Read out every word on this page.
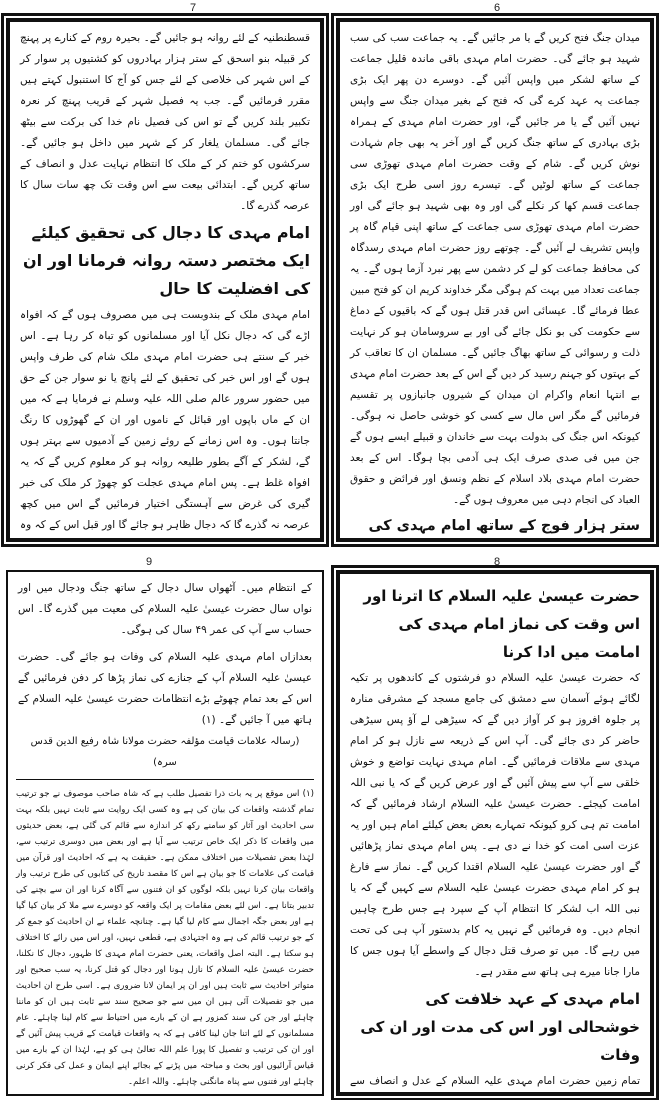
7	6
9	8

قسطنطنیہ کے لئے روانہ ہو جائیں گے۔ بحیرہ روم کے کنارے پر پہنچ کر قبیلہ بنو اسحق کے ستر ہزار بہادروں کو کشتیوں پر سوار کر کے اس شہر کی خلاصی کے لئے جس کو آج کا استنبول کہتے ہیں مقرر فرمائیں گے۔ جب یہ فصیل شہر کے قریب پہنچ کر نعرہ تکبیر بلند کریں گے تو اس کی فصیل نام خدا کی برکت سے بیٹھ جائے گی۔ مسلمان یلغار کر کے شہر میں داخل ہو جائیں گے۔ سرکشوں کو ختم کر کے ملک کا انتظام نہایت عدل و انصاف کے ساتھ کریں گے۔ ابتدائی بیعت سے اس وقت تک چھ سات سال کا عرصہ گذرے گا۔

امام مہدی کا دجال کی تحقیق کیلئے ایک مختصر دستہ روانہ فرمانا اور ان کی افضلیت کا حال

امام مہدی ملک کے بندوبست ہی میں مصروف ہوں گے کہ افواہ اڑے گی کہ دجال نکل آیا اور مسلمانوں کو تباہ کر رہا ہے۔ اس خبر کے سنتے ہی حضرت امام مہدی ملک شام کی طرف واپس ہوں گے اور اس خبر کی تحقیق کے لئے پانچ یا نو سوار جن کے حق میں حضور سرور عالم صلی اللہ علیہ وسلم نے فرمایا ہے کہ میں ان کے ماں باپوں اور قبائل کے ناموں اور ان کے گھوڑوں کا رنگ جانتا ہوں۔ وہ اس زمانے کے روئے زمین کے آدمیوں سے بہتر ہوں گے، لشکر کے آگے بطور طلیعہ روانہ ہو کر معلوم کریں گے کہ یہ افواہ غلط ہے۔ پس امام مہدی عجلت کو چھوڑ کر ملک کی خبر گیری کی غرض سے آہستگی اختیار فرمائیں گے اس میں کچھ عرصہ نہ گذرے گا کہ دجال ظاہر ہو جائے گا اور قبل اس کے کہ وہ

میدان جنگ فتح کریں گے یا مر جائیں گے۔ یہ جماعت سب کی سب شہید ہو جائے گی۔ حضرت امام مہدی باقی ماندہ قلیل جماعت کے ساتھ لشکر میں واپس آئیں گے۔ دوسرے دن پھر ایک بڑی جماعت یہ عہد کرے گی کہ فتح کے بغیر میدان جنگ سے واپس نہیں آئیں گے یا مر جائیں گے، اور حضرت امام مہدی کے ہمراہ بڑی بہادری کے ساتھ جنگ کریں گے اور آخر یہ بھی جام شہادت نوش کریں گے۔ شام کے وقت حضرت امام مہدی تھوڑی سی جماعت کے ساتھ لوٹیں گے۔ تیسرے روز اسی طرح ایک بڑی جماعت قسم کھا کر نکلے گی اور وہ بھی شہید ہو جائے گی اور حضرت امام مہدی تھوڑی سی جماعت کے ساتھ اپنی قیام گاہ پر واپس تشریف لے آئیں گے۔ چوتھے روز حضرت امام مہدی رسدگاہ کی محافظ جماعت کو لے کر دشمن سے پھر نبرد آزما ہوں گے۔ یہ جماعت تعداد میں بہت کم ہوگی مگر خداوند کریم ان کو فتح مبین عطا فرمائے گا۔ عیسائی اس قدر قتل ہوں گے کہ باقیوں کے دماغ سے حکومت کی بو نکل جائے گی اور بے سروسامان ہو کر نہایت ذلت و رسوائی کے ساتھ بھاگ جائیں گے۔ مسلمان ان کا تعاقب کر کے بہتوں کو جہنم رسید کر دیں گے اس کے بعد حضرت امام مہدی بے انتہا انعام واکرام ان میدان کے شیروں جانبازوں پر تقسیم فرمائیں گے مگر اس مال سے کسی کو خوشی حاصل نہ ہوگی۔ کیونکہ اس جنگ کی بدولت بہت سے خاندان و قبیلے ایسے ہوں گے جن میں فی صدی صرف ایک ہی آدمی بچا ہوگا۔ اس کے بعد حضرت امام مہدی بلاد اسلام کے نظم ونسق اور فرائض و حقوق العباد کی انجام دہی میں معروف ہوں گے۔

ستر ہزار فوج کے ساتھ امام مہدی کی

کے انتظام میں۔ آٹھواں سال دجال کے ساتھ جنگ ودجال میں اور نواں سال حضرت عیسیٰ علیہ السلام کی معیت میں گذرے گا۔ اس حساب سے آپ کی عمر ۴۹ سال کی ہوگی۔

بعدازاں امام مہدی علیہ السلام کی وفات ہو جائے گی۔ حضرت عیسیٰ علیہ السلام آپ کے جنازے کی نماز پڑھا کر دفن فرمائیں گے اس کے بعد تمام چھوٹے بڑے انتظامات حضرت عیسیٰ علیہ السلام کے ہاتھ میں آ جائیں گے۔ (۱)

(رسالہ علامات قیامت مؤلفہ حضرت مولانا شاہ رفیع الدین قدس سرہ)

(۱) اس موقع پر یہ بات ذرا تفصیل طلب ہے کہ شاہ صاحب موصوف نے جو ترتیب تمام گذشتہ واقعات کی بیان کی ہے وہ کسی ایک روایت سے ثابت نہیں بلکہ بہت سی احادیث اور آثار کو سامنے رکھ کر اندازہ سے قائم کی گئی ہے، بعض حدیثوں میں واقعات کا ذکر ایک خاص ترتیب سے آیا ہے اور بعض میں دوسری ترتیب سے، لہٰذا بعض تفصیلات میں اختلاف ممکن ہے۔ حقیقت یہ ہے کہ احادیث اور قرآن میں قیامت کی علامات کا جو بیان ہے اس کا مقصد تاریخ کی کتابوں کی طرح ترتیب وار واقعات بیان کرنا نہیں بلکہ لوگوں کو ان فتنوں سے آگاہ کرنا اور ان سے بچنے کی تدبیر بتانا ہے۔ اس لئے بعض مقامات پر ایک واقعہ کو دوسرے سے ملا کر بیان کیا گیا ہے اور بعض جگہ اجمال سے کام لیا گیا ہے۔ چنانچہ علماء نے ان احادیث کو جمع کر کے جو ترتیب قائم کی ہے وہ اجتہادی ہے، قطعی نہیں، اور اس میں رائے کا اختلاف ہو سکتا ہے۔ البتہ اصل واقعات، یعنی حضرت امام مہدی کا ظہور، دجال کا نکلنا، حضرت عیسیٰ علیہ السلام کا نازل ہونا اور دجال کو قتل کرنا، یہ سب صحیح اور متواتر احادیث سے ثابت ہیں اور ان پر ایمان لانا ضروری ہے۔ اسی طرح ان احادیث میں جو تفصیلات آئی ہیں ان میں سے جو صحیح سند سے ثابت ہیں ان کو ماننا چاہئے اور جن کی سند کمزور ہے ان کے بارے میں احتیاط سے کام لینا چاہئے۔ عام مسلمانوں کے لئے اتنا جان لینا کافی ہے کہ یہ واقعات قیامت کے قریب پیش آئیں گے اور ان کی ترتیب و تفصیل کا پورا علم اللہ تعالیٰ ہی کو ہے، لہٰذا ان کے بارے میں قیاس آرائیوں اور بحث و مباحثہ میں پڑنے کے بجائے اپنے ایمان و عمل کی فکر کرنی چاہئے اور فتنوں سے پناہ مانگنی چاہئے۔ واللہ اعلم۔

حضرت عیسیٰ علیہ السلام کا اترنا اور اس وقت کی نماز امام مہدی کی امامت میں ادا کرنا

کہ حضرت عیسیٰ علیہ السلام دو فرشتوں کے کاندھوں پر تکیہ لگائے ہوئے آسمان سے دمشق کی جامع مسجد کے مشرقی منارہ پر جلوہ افروز ہو کر آواز دیں گے کہ سیڑھی لے آؤ پس سیڑھی حاضر کر دی جائے گی۔ آپ اس کے ذریعہ سے نازل ہو کر امام مہدی سے ملاقات فرمائیں گے۔ امام مہدی نہایت تواضع و خوش خلقی سے آپ سے پیش آئیں گے اور عرض کریں گے کہ یا نبی اللہ امامت کیجئے۔ حضرت عیسیٰ علیہ السلام ارشاد فرمائیں گے کہ امامت تم ہی کرو کیونکہ تمہارے بعض بعض کیلئے امام ہیں اور یہ عزت اسی امت کو خدا نے دی ہے۔ پس امام مہدی نماز پڑھائیں گے اور حضرت عیسیٰ علیہ السلام اقتدا کریں گے۔ نماز سے فارغ ہو کر امام مہدی حضرت عیسیٰ علیہ السلام سے کہیں گے کہ یا نبی اللہ اب لشکر کا انتظام آپ کے سپرد ہے جس طرح چاہیں انجام دیں۔ وہ فرمائیں گے نہیں یہ کام بدستور آپ ہی کی تحت میں رہے گا۔ میں تو صرف قتل دجال کے واسطے آیا ہوں جس کا مارا جانا میرے ہی ہاتھ سے مقدر ہے۔

امام مہدی کے عہد خلافت کی خوشحالی اور اس کی مدت اور ان کی وفات

تمام زمین حضرت امام مہدی علیہ السلام کے عدل و انصاف سے
